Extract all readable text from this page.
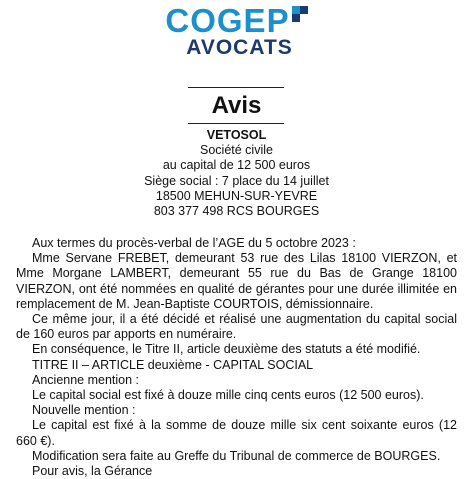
COGEP
AVOCATS
Avis
VETOSOL
Société civile
au capital de 12 500 euros
Siège social : 7 place du 14 juillet
18500 MEHUN-SUR-YEVRE
803 377 498 RCS BOURGES

Aux termes du procès-verbal de l’AGE du 5 octobre 2023 :

Mme Servane FREBET, demeurant 53 rue des Lilas 18100 VIERZON, et Mme Morgane LAMBERT, demeurant 55 rue du Bas de Grange 18100 VIERZON, ont été nommées en qualité de gérantes pour une durée illimitée en remplacement de M. Jean-Baptiste COURTOIS, démissionnaire.

Ce même jour, il a été décidé et réalisé une augmentation du capital social de 160 euros par apports en numéraire.

En conséquence, le Titre II, article deuxième des statuts a été modifié.

TITRE II – ARTICLE deuxième - CAPITAL SOCIAL

Ancienne mention :

Le capital social est fixé à douze mille cinq cents euros (12 500 euros).

Nouvelle mention :

Le capital est fixé à la somme de douze mille six cent soixante euros (12 660 €).

Modification sera faite au Greffe du Tribunal de commerce de BOURGES.

Pour avis, la Gérance
